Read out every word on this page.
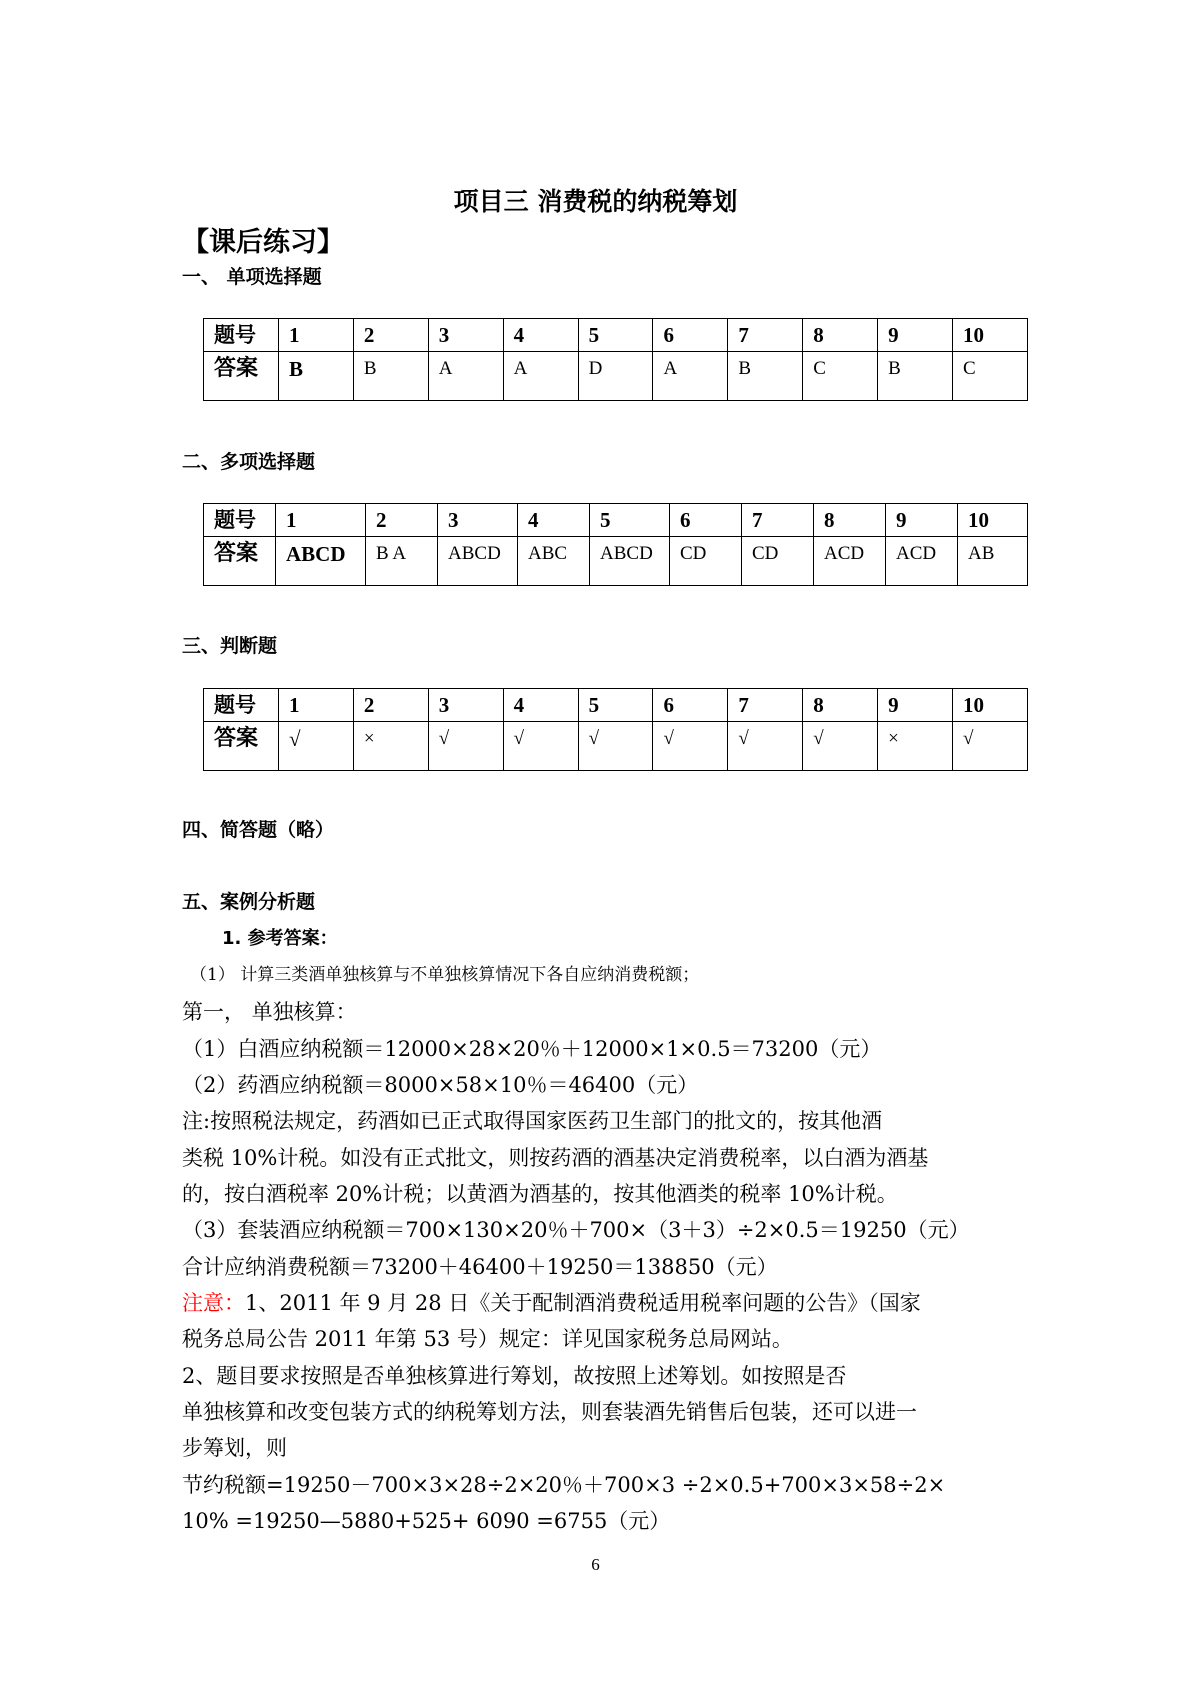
项目三 消费税的纳税筹划
【课后练习】
一、 单项选择题
题号	1	2	3	4	5	6	7	8	9	10
答案	B	B	A	A	D	A	B	C	B	C
二、多项选择题
题号	1	2	3	4	5	6	7	8	9	10
答案	ABCD	B A	ABCD	ABC	ABCD	CD	CD	ACD	ACD	AB
三、判断题
题号	1	2	3	4	5	6	7	8	9	10
答案	√	×	√	√	√	√	√	√	×	√
四、简答题（略）
五、案例分析题
1. 参考答案：
（1） 计算三类酒单独核算与不单独核算情况下各自应纳消费税额；
第一， 单独核算：
（1）白酒应纳税额＝12000×28×20％＋12000×1×0.5＝73200（元）
（2）药酒应纳税额＝8000×58×10％＝46400（元）
注:按照税法规定，药酒如已正式取得国家医药卫生部门的批文的，按其他酒
类税 10%计税。如没有正式批文，则按药酒的酒基决定消费税率，以白酒为酒基
的，按白酒税率 20%计税；以黄酒为酒基的，按其他酒类的税率 10%计税。
（3）套装酒应纳税额＝700×130×20％＋700×（3＋3）÷2×0.5＝19250（元）
合计应纳消费税额＝73200＋46400＋19250＝138850（元）
注意：1、2011 年 9 月 28 日《关于配制酒消费税适用税率问题的公告》（国家
税务总局公告 2011 年第 53 号）规定：详见国家税务总局网站。
2、题目要求按照是否单独核算进行筹划，故按照上述筹划。如按照是否
单独核算和改变包装方式的纳税筹划方法，则套装酒先销售后包装，还可以进一
步筹划，则
节约税额=19250－700×3×28÷2×20％＋700×3 ÷2×0.5+700×3×58÷2×
10% =19250—5880+525+ 6090 =6755（元）
6
